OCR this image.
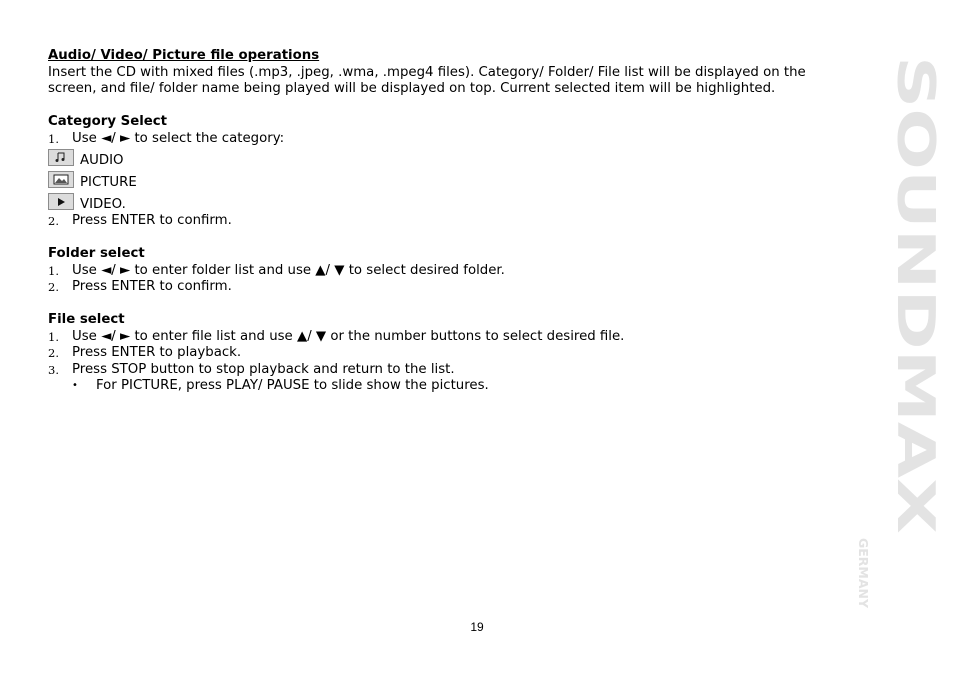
Audio/ Video/ Picture file operations

Insert the CD with mixed files (.mp3, .jpeg, .wma, .mpeg4 files). Category/ Folder/ File list will be displayed on the screen, and file/ folder name being played will be displayed on top. Current selected item will be highlighted.

Category Select

1. Use ◄/ ► to select the category:
AUDIO
PICTURE
VIDEO.
2. Press ENTER to confirm.

Folder select

1. Use ◄/ ► to enter folder list and use ▲/ ▼ to select desired folder.
2. Press ENTER to confirm.

File select

1. Use ◄/ ► to enter file list and use ▲/ ▼ or the number buttons to select desired file.
2. Press ENTER to playback.
3. Press STOP button to stop playback and return to the list.
• For PICTURE, press PLAY/ PAUSE to slide show the pictures.	SOUNDMAX
GERMANY
19
